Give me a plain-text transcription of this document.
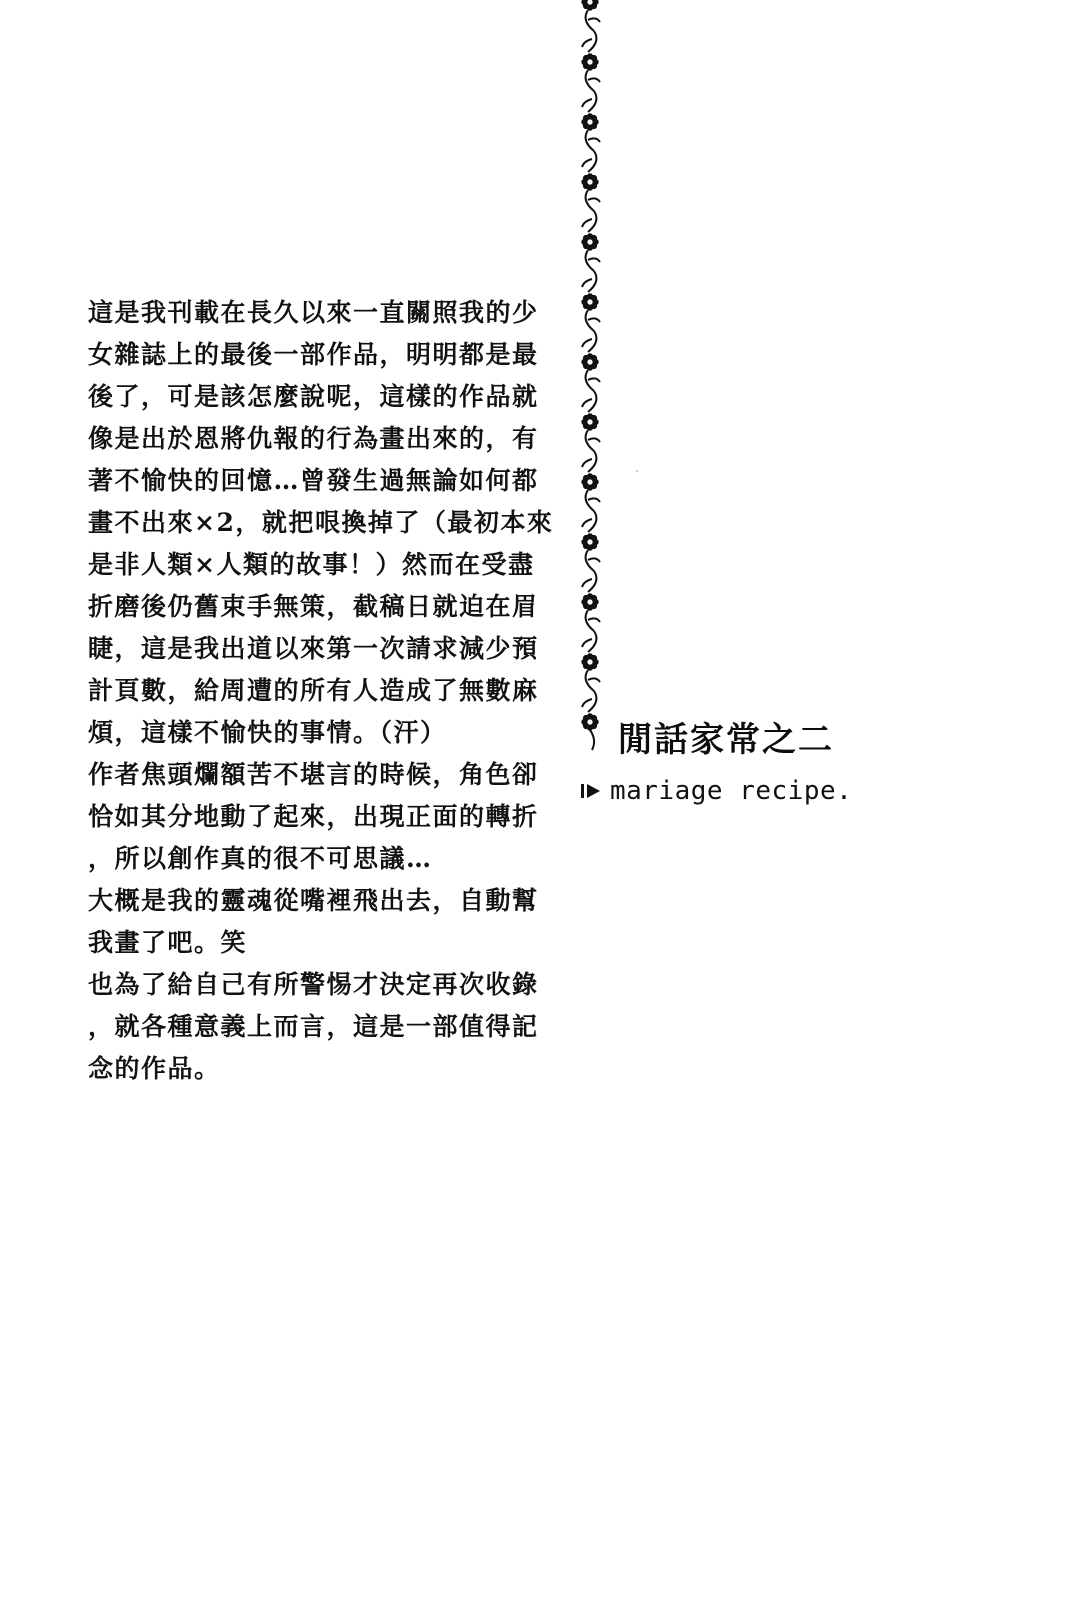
這是我刊載在長久以來一直關照我的少
女雜誌上的最後一部作品，明明都是最
後了，可是該怎麼說呢，這樣的作品就
像是出於恩將仇報的行為畫出來的，有
著不愉快的回憶…曾發生過無論如何都
畫不出來×2，就把哏換掉了（最初本來
是非人類×人類的故事！）然而在受盡
折磨後仍舊束手無策，截稿日就迫在眉
睫，這是我出道以來第一次請求減少預
計頁數，給周遭的所有人造成了無數麻
煩，這樣不愉快的事情。（汗）
作者焦頭爛額苦不堪言的時候，角色卻
恰如其分地動了起來，出現正面的轉折
，所以創作真的很不可思議…
大概是我的靈魂從嘴裡飛出去，自動幫
我畫了吧。笑
也為了給自己有所警惕才決定再次收錄
，就各種意義上而言，這是一部值得記
念的作品。
閒話家常之二
mariage recipe.
